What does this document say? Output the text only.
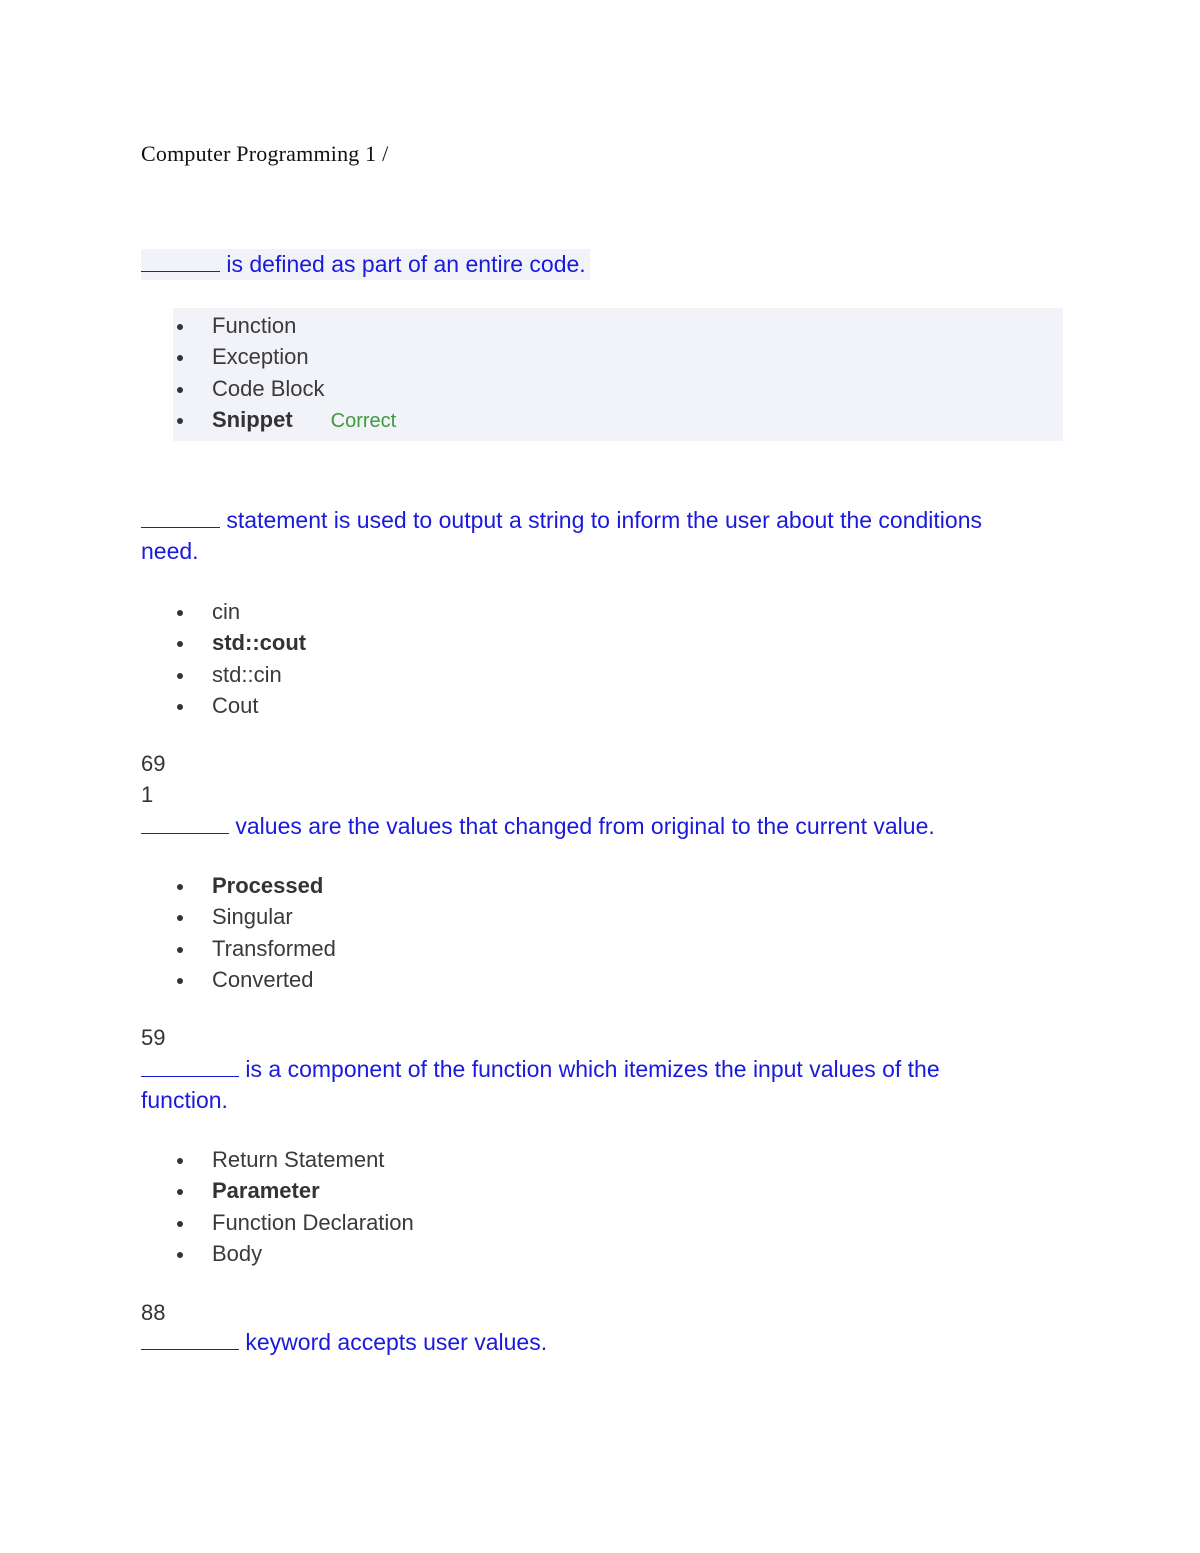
Computer Programming 1 /
is defined as part of an entire code.
Function
Exception
Code Block
Snippet Correct
statement is used to output a string to inform the user about the conditions
need.
cin
std::cout
std::cin
Cout
69
1
values are the values that changed from original to the current value.
Processed
Singular
Transformed
Converted
59
is a component of the function which itemizes the input values of the
function.
Return Statement
Parameter
Function Declaration
Body
88
keyword accepts user values.
